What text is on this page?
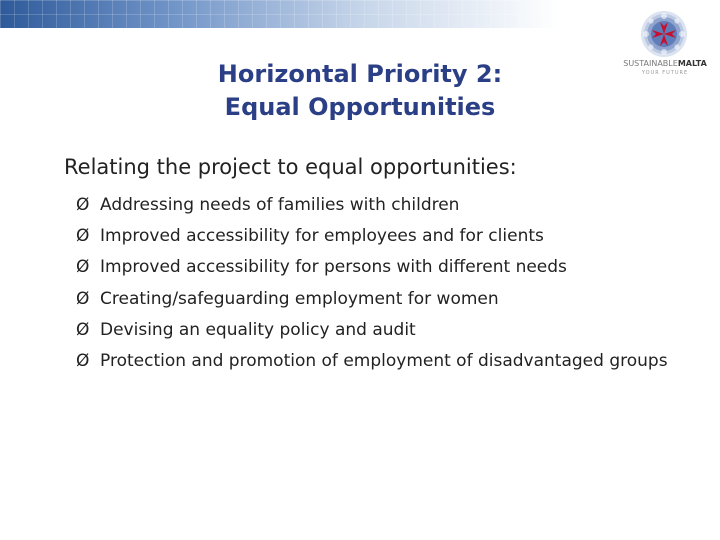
Horizontal Priority 2:
Equal Opportunities
SUSTAINABLEMALTA
YOUR FUTURE
Relating the project to equal opportunities:
Ø Addressing needs of families with children
Ø Improved accessibility for employees and for clients
Ø Improved accessibility for persons with different needs
Ø Creating/safeguarding employment for women
Ø Devising an equality policy and audit
Ø Protection and promotion of employment of disadvantaged groups
